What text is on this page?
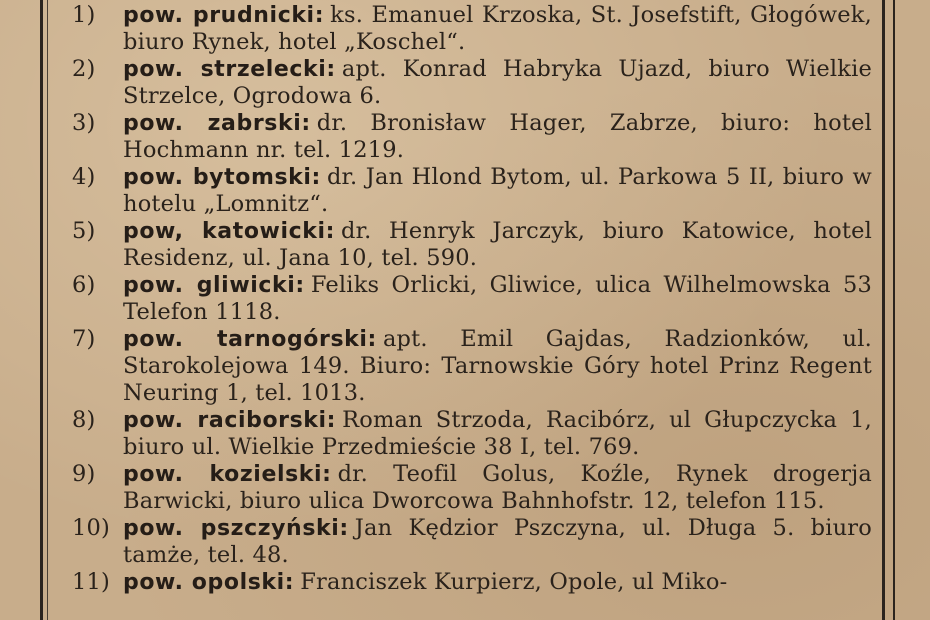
1)	pow. prudnicki: ks. Emanuel Krzoska, St. Josefstift, Głogówek, biuro Rynek, hotel „Koschel“.
2)	pow. strzelecki: apt. Konrad Habryka Ujazd, biuro Wielkie Strzelce, Ogrodowa 6.
3)	pow. zabrski: dr. Bronisław Hager, Zabrze, biuro: hotel Hochmann nr. tel. 1219.
4)	pow. bytomski: dr. Jan Hlond Bytom, ul. Parkowa 5 II, biuro w hotelu „Lomnitz“.
5)	pow, katowicki: dr. Henryk Jarczyk, biuro Katowice, hotel Residenz, ul. Jana 10, tel. 590.
6)	pow. gliwicki: Feliks Orlicki, Gliwice, ulica Wilhelmowska 53 Telefon 1118.
7)	pow. tarnogórski: apt. Emil Gajdas, Radzionków, ul. Starokolejowa 149. Biuro: Tarnowskie Góry hotel Prinz Regent Neuring 1, tel. 1013.
8)	pow. raciborski: Roman Strzoda, Racibórz, ul Głupczycka 1, biuro ul. Wielkie Przedmieście 38 I, tel. 769.
9)	pow. kozielski: dr. Teofil Golus, Koźle, Rynek drogerja Barwicki, biuro ulica Dworcowa Bahnhofstr. 12, telefon 115.
10) pow. pszczyński: Jan Kędzior Pszczyna, ul. Długa 5. biuro tamże, tel. 48.
11) pow. opolski: Franciszek Kurpierz, Opole, ul Miko-
